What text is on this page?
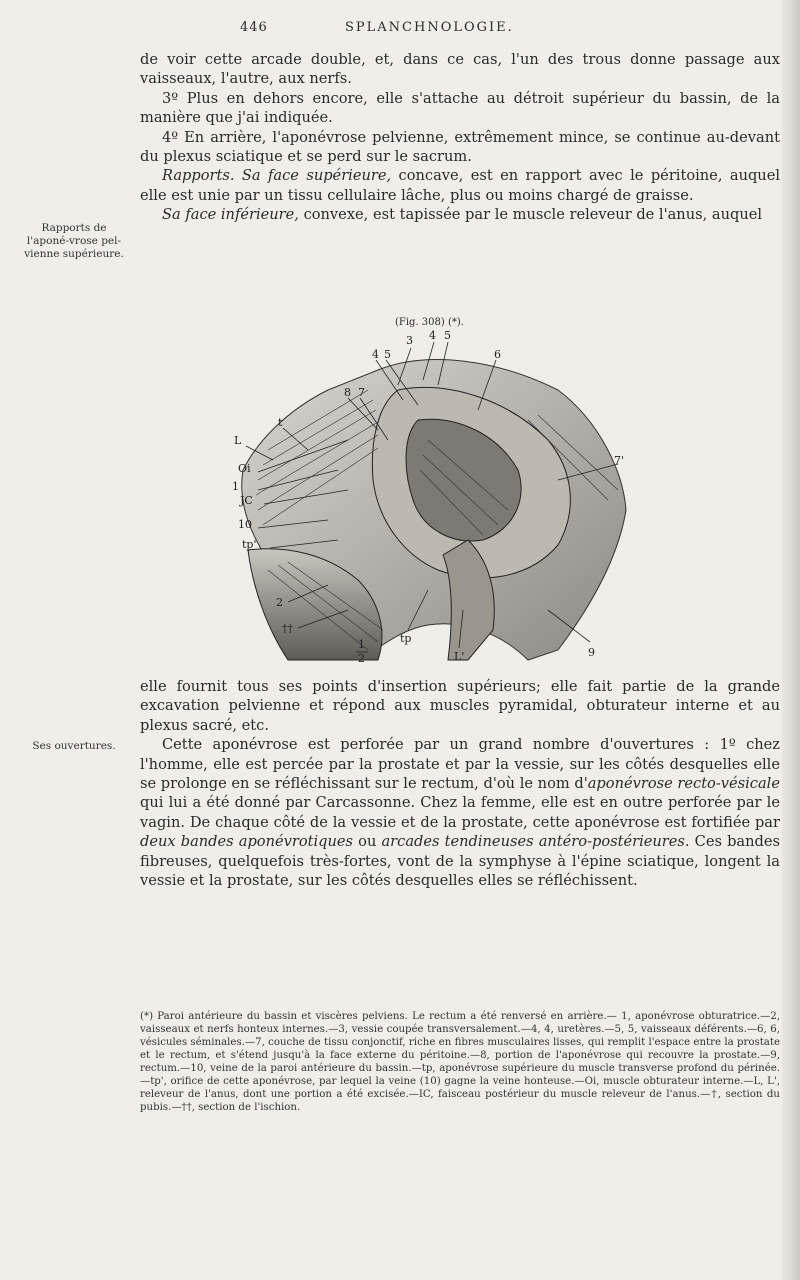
446	SPLANCHNOLOGIE.

de voir cette arcade double, et, dans ce cas, l'un des trous donne passage aux vaisseaux, l'autre, aux nerfs.

3º Plus en dehors encore, elle s'attache au détroit supérieur du bassin, de la manière que j'ai indiquée.

4º En arrière, l'aponévrose pelvienne, extrêmement mince, se continue au-devant du plexus sciatique et se perd sur le sacrum.

Rapports. Sa face supérieure, concave, est en rapport avec le péritoine, auquel elle est unie par un tissu cellulaire lâche, plus ou moins chargé de graisse.

Sa face inférieure, convexe, est tapissée par le muscle releveur de l'anus, auquel

Rapports de l'aponé-vrose pel-vienne supérieure.
(Fig. 308) (*).
3 4 5
4 5	6
8 7
t
L
Oi
1
JC
10
tp'
2
††
7'
tp
1
2	L'	9

elle fournit tous ses points d'insertion supérieurs; elle fait partie de la grande excavation pelvienne et répond aux muscles pyramidal, obturateur interne et au plexus sacré, etc.

Cette aponévrose est perforée par un grand nombre d'ouvertures : 1º chez l'homme, elle est percée par la prostate et par la vessie, sur les côtés desquelles elle se prolonge en se réfléchissant sur le rectum, d'où le nom d'aponévrose recto-vésicale qui lui a été donné par Carcassonne. Chez la femme, elle est en outre perforée par le vagin. De chaque côté de la vessie et de la prostate, cette aponévrose est fortifiée par deux bandes aponévrotiques ou arcades tendineuses antéro-postérieures. Ces bandes fibreuses, quelquefois très-fortes, vont de la symphyse à l'épine sciatique, longent la vessie et la prostate, sur les côtés desquelles elles se réfléchissent.

Ses ouvertures.
(*) Paroi antérieure du bassin et viscères pelviens. Le rectum a été renversé en arrière.— 1, aponévrose obturatrice.—2, vaisseaux et nerfs honteux internes.—3, vessie coupée transversalement.—4, 4, uretères.—5, 5, vaisseaux déférents.—6, 6, vésicules séminales.—7, couche de tissu conjonctif, riche en fibres musculaires lisses, qui remplit l'espace entre la prostate et le rectum, et s'étend jusqu'à la face externe du péritoine.—8, portion de l'aponévrose qui recouvre la prostate.—9, rectum.—10, veine de la paroi antérieure du bassin.—tp, aponévrose supérieure du muscle transverse profond du périnée.—tp', orifice de cette aponévrose, par lequel la veine (10) gagne la veine honteuse.—Oi, muscle obturateur interne.—L, L', releveur de l'anus, dont une portion a été excisée.—IC, faisceau postérieur du muscle releveur de l'anus.—†, section du pubis.—††, section de l'ischion.
